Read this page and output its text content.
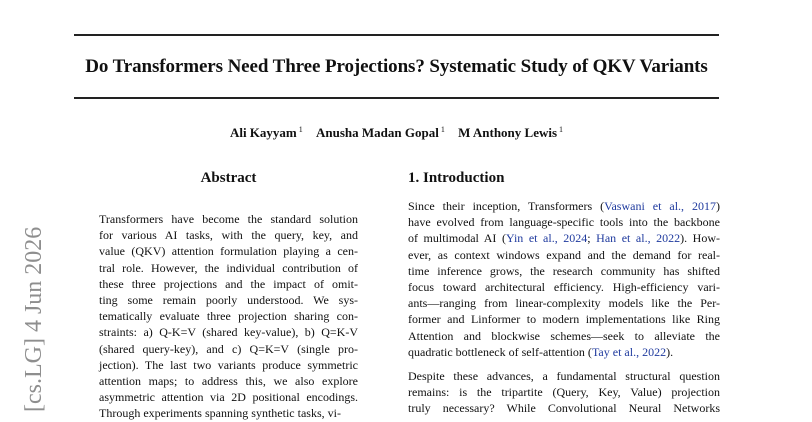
Do Transformers Need Three Projections? Systematic Study of QKV Variants
Ali Kayyam $^1$ Anusha Madan Gopal $^1$ M Anthony Lewis $^1$
[cs.LG] 4 Jun 2026
Abstract
Transformers have become the standard solution
for various AI tasks, with the query, key, and
value (QKV) attention formulation playing a cen-
tral role. However, the individual contribution of
these three projections and the impact of omit-
ting some remain poorly understood. We sys-
tematically evaluate three projection sharing con-
straints: a) Q-K=V (shared key-value), b) Q=K-V
(shared query-key), and c) Q=K=V (single pro-
jection). The last two variants produce symmetric
attention maps; to address this, we also explore
asymmetric attention via 2D positional encodings.
Through experiments spanning synthetic tasks, vi-
1. Introduction
Since their inception, Transformers (Vaswani et al., 2017)
have evolved from language-specific tools into the backbone
of multimodal AI (Yin et al., 2024; Han et al., 2022). How-
ever, as context windows expand and the demand for real-
time inference grows, the research community has shifted
focus toward architectural efficiency. High-efficiency vari-
ants—ranging from linear-complexity models like the Per-
former and Linformer to modern implementations like Ring
Attention and blockwise schemes—seek to alleviate the
quadratic bottleneck of self-attention (Tay et al., 2022).
Despite these advances, a fundamental structural question
remains: is the tripartite (Query, Key, Value) projection
truly necessary? While Convolutional Neural Networks
